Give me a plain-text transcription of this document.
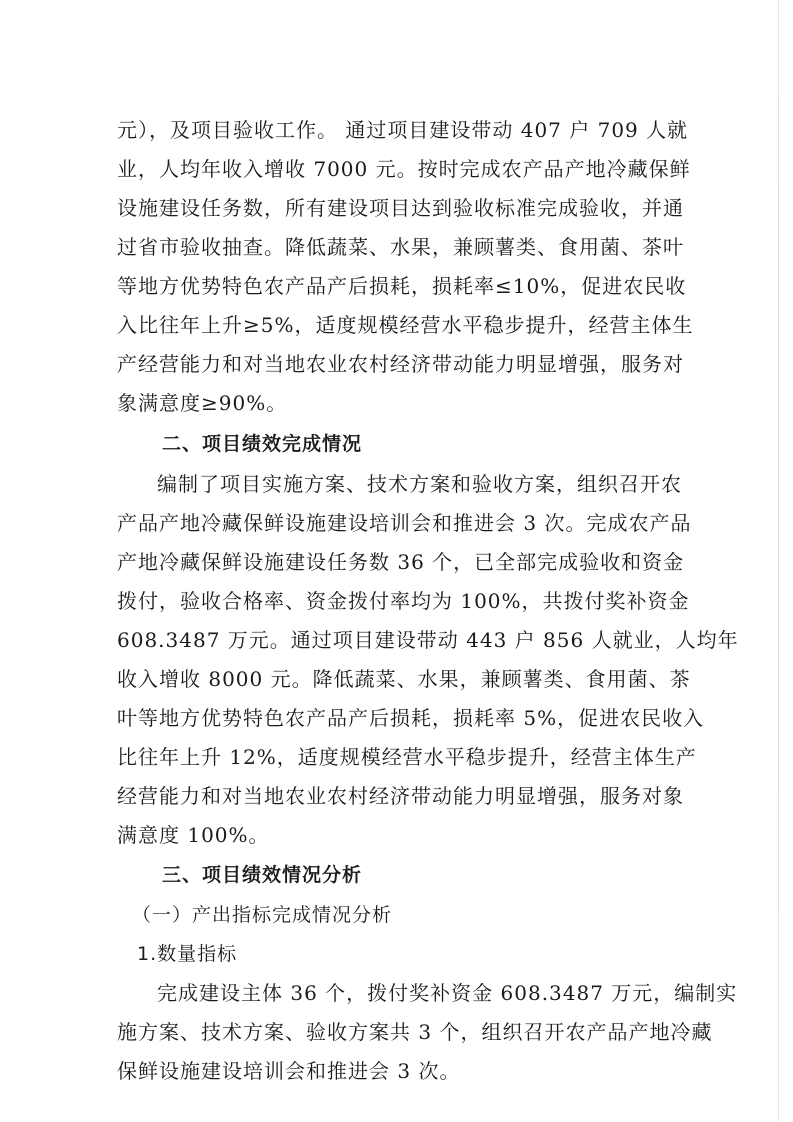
元），及项目验收工作。 通过项目建设带动 407 户 709 人就
业，人均年收入增收 7000 元。按时完成农产品产地冷藏保鲜
设施建设任务数，所有建设项目达到验收标准完成验收，并通
过省市验收抽查。降低蔬菜、水果，兼顾薯类、食用菌、茶叶
等地方优势特色农产品产后损耗，损耗率≤10%，促进农民收
入比往年上升≥5%，适度规模经营水平稳步提升，经营主体生
产经营能力和对当地农业农村经济带动能力明显增强，服务对
象满意度≥90%。
二、项目绩效完成情况
编制了项目实施方案、技术方案和验收方案，组织召开农
产品产地冷藏保鲜设施建设培训会和推进会 3 次。完成农产品
产地冷藏保鲜设施建设任务数 36 个，已全部完成验收和资金
拨付，验收合格率、资金拨付率均为 100%，共拨付奖补资金
608.3487 万元。通过项目建设带动 443 户 856 人就业，人均年
收入增收 8000 元。降低蔬菜、水果，兼顾薯类、食用菌、茶
叶等地方优势特色农产品产后损耗，损耗率 5%，促进农民收入
比往年上升 12%，适度规模经营水平稳步提升，经营主体生产
经营能力和对当地农业农村经济带动能力明显增强，服务对象
满意度 100%。
三、项目绩效情况分析
（一）产出指标完成情况分析
1.数量指标
完成建设主体 36 个，拨付奖补资金 608.3487 万元，编制实
施方案、技术方案、验收方案共 3 个，组织召开农产品产地冷藏
保鲜设施建设培训会和推进会 3 次。
